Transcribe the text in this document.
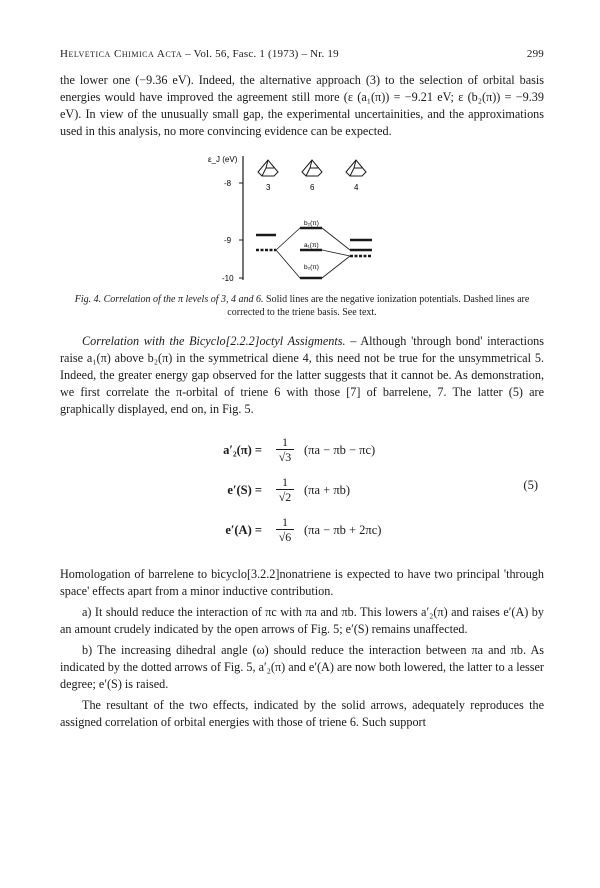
Helvetica Chimica Acta – Vol. 56, Fasc. 1 (1973) – Nr. 19	299

the lower one (−9.36 eV). Indeed, the alternative approach (3) to the selection of orbital basis energies would have improved the agreement still more (ε (a₁(π)) = −9.21 eV; ε (b₂(π)) = −9.39 eV). In view of the unusually small gap, the experimental uncertainities, and the approximations used in this analysis, no more convincing evidence can be expected.

ε_J (eV)
-8
-9
-10
3	6	4
b₂(π)
a₁(π)
b₂(π)
Fig. 4. Correlation of the π levels of 3, 4 and 6. Solid lines are the negative ionization potentials. Dashed lines are corrected to the triene basis. See text.

Correlation with the Bicyclo[2.2.2]octyl Assigments. – Although 'through bond' interactions raise a₁(π) above b₂(π) in the symmetrical diene 4, this need not be true for the unsymmetrical 5. Indeed, the greater energy gap observed for the latter suggests that it cannot be. As demonstration, we first correlate the π-orbital of triene 6 with those [7] of barrelene, 7. The latter (5) are graphically displayed, end on, in Fig. 5.

$a'_2(\pi) = \frac{1}{√3} (\pi a - \pi b - \pi c)$
$e'(S) = \frac{1}{√2} (\pi a + \pi b)$
$e'(A) = \frac{1}{√6} (\pi a - \pi b + 2\pi c)$
(5)

Homologation of barrelene to bicyclo[3.2.2]nonatriene is expected to have two principal 'through space' effects apart from a minor inductive contribution.

a) It should reduce the interaction of πc with πa and πb. This lowers a′₂(π) and raises e′(A) by an amount crudely indicated by the open arrows of Fig. 5; e′(S) remains unaffected.

b) The increasing dihedral angle (ω) should reduce the interaction between πa and πb. As indicated by the dotted arrows of Fig. 5, a′₂(π) and e′(A) are now both lowered, the latter to a lesser degree; e′(S) is raised.

The resultant of the two effects, indicated by the solid arrows, adequately reproduces the assigned correlation of orbital energies with those of triene 6. Such support
